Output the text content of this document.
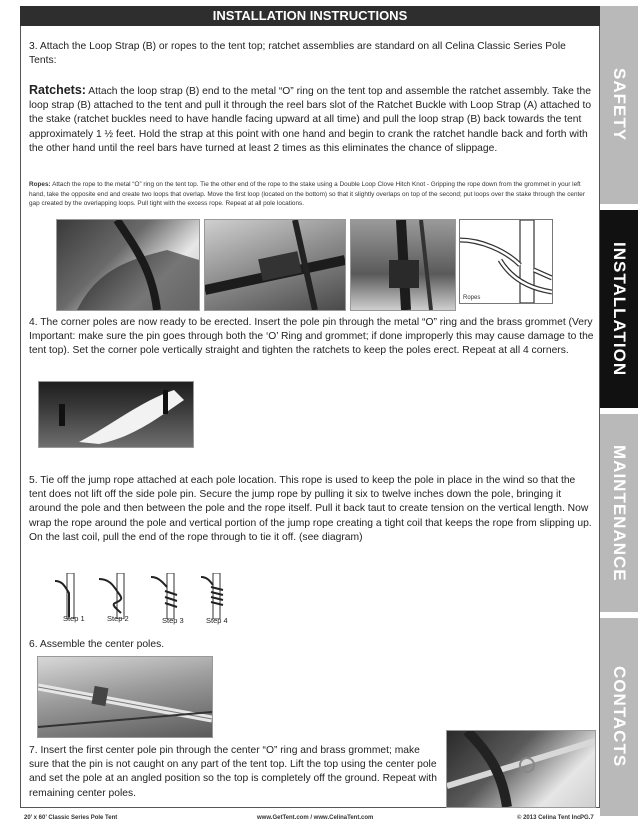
INSTALLATION INSTRUCTIONS
SAFETY
INSTALLATION
MAINTENANCE
CONTACTS
3. Attach the Loop Strap (B) or ropes to the tent top; ratchet assemblies are standard on all Celina Classic Series Pole Tents:
Ratchets: Attach the loop strap (B) end to the metal “O” ring on the tent top and assemble the ratchet assembly. Take the loop strap (B) attached to the tent and pull it through the reel bars slot of the Ratchet Buckle with Loop Strap (A) attached to the stake (ratchet buckles need to have handle facing upward at all time) and pull the loop strap (B) back towards the tent approximately 1 ½ feet. Hold the strap at this point with one hand and begin to crank the ratchet handle back and forth with the other hand until the reel bars have turned at least 2 times as this eliminates the chance of slippage.
Ropes: Attach the rope to the metal “O” ring on the tent top. Tie the other end of the rope to the stake using a Double Loop Clove Hitch Knot - Gripping the rope down from the grommet in your left hand, take the opposite end and create two loops that overlap. Move the first loop (located on the bottom) so that it slightly overlaps on top of the second; put loops over the stake through the center gap created by the overlapping loops. Pull tight with the excess rope. Repeat at all pole locations.
Ropes
4. The corner poles are now ready to be erected. Insert the pole pin through the metal “O” ring and the brass grommet (Very Important: make sure the pin goes through both the ‘O’ Ring and grommet; if done improperly this may cause damage to the tent top). Set the corner pole vertically straight and tighten the ratchets to keep the poles erect. Repeat at all 4 corners.
5. Tie off the jump rope attached at each pole location. This rope is used to keep the pole in place in the wind so that the tent does not lift off the side pole pin. Secure the jump rope by pulling it six to twelve inches down the pole, bringing it around the pole and then between the pole and the rope itself. Pull it back taut to create tension on the vertical length. Now wrap the rope around the pole and vertical portion of the jump rope creating a tight coil that keeps the rope from slipping up. On the last coil, pull the end of the rope through to tie it off. (see diagram)
Step 1	Step 2	Step 3	Step 4
6. Assemble the center poles.
7. Insert the first center pole pin through the center “O” ring and brass grommet; make sure that the pin is not caught on any part of the tent top. Lift the top using the center pole and set the pole at an angled position so the top is completely off the ground. Repeat with remaining center poles.
20’ x 60’ Classic Series Pole Tent	www.GetTent.com / www.CelinaTent.com	© 2013 Celina Tent Inc.
PG.7
